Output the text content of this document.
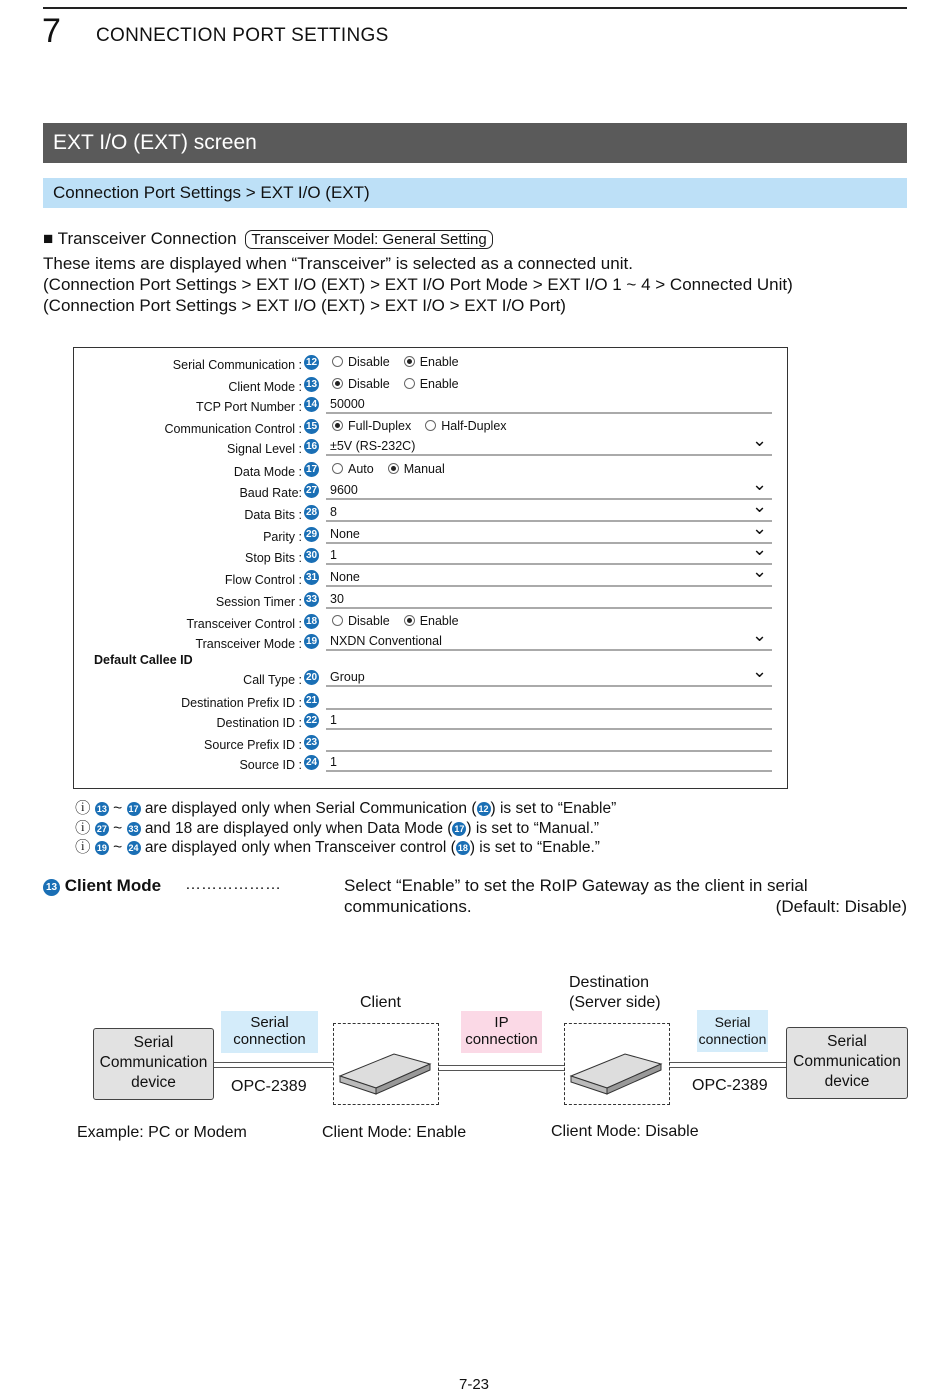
7 CONNECTION PORT SETTINGS
EXT I/O (EXT) screen
Connection Port Settings > EXT I/O (EXT)
■ Transceiver Connection Transceiver Model: General Setting
These items are displayed when “Transceiver” is selected as a connected unit.
(Connection Port Settings > EXT I/O (EXT) > EXT I/O Port Mode > EXT I/O 1 ~ 4 > Connected Unit)
(Connection Port Settings > EXT I/O (EXT) > EXT I/O > EXT I/O Port)
Default Callee ID
Serial Communication : 12	Disable Enable
Client Mode : 13	Disable Enable
TCP Port Number : 14 50000
Communication Control : 15	Full-Duplex Half-Duplex
Signal Level : 16 ±5V (RS-232C)	⌄
Data Mode : 17	Auto Manual
Baud Rate: 27 9600	⌄
Data Bits : 28 8	⌄
Parity : 29 None	⌄
Stop Bits : 30 1	⌄
Flow Control : 31 None	⌄
Session Timer : 33 30
Transceiver Control : 18	Disable Enable
Transceiver Mode : 19 NXDN Conventional	⌄
Call Type : 20 Group	⌄
Destination Prefix ID : 21
Destination ID : 22 1
Source Prefix ID : 23
Source ID : 24 1
ⓘ 13 ~ 17 are displayed only when Serial Communication ( 12 ) is set to “Enable”
ⓘ 27 ~ 33 and 18 are displayed only when Data Mode ( 17 ) is set to “Manual.”
ⓘ 19 ~ 24 are displayed only when Transceiver control ( 18 ) is set to “Enable.”
13 Client Mode ………………	Select “Enable” to set the RoIP Gateway as the client in serial
communications.	(Default: Disable)
Serial Communication device
Serial Communication device
Serial connection
Serial connection
IP connection
OPC-2389	OPC-2389
Client
Destination (Server side)
Example: PC or Modem	Client Mode: Enable	Client Mode: Disable
7-23
